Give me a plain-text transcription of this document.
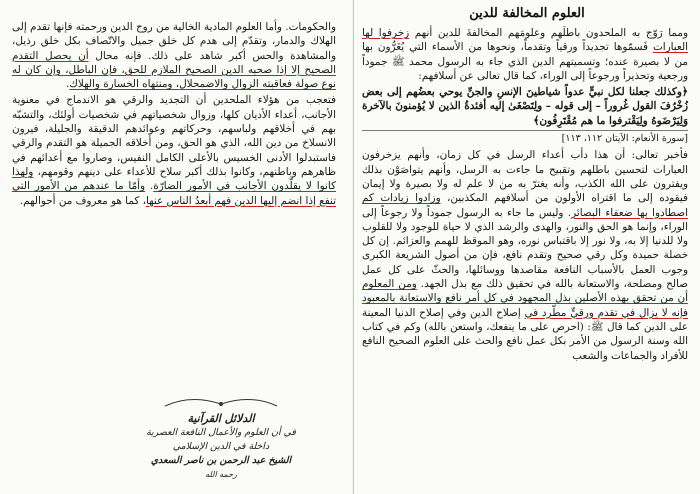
والحكومات. وأما العلوم المادية الخالية من روح الدين ورحمته فإنها تقدم إلى الهلاك والدمار، وتقدّم إلى هدم كل خلق جميل والاتّصاف بكل خلق رذيل، والمشاهدة والحس أكبر شاهد على ذلك. فإنه محال أن يحصل التقدم الصحيح إلا إذا صحبه الدين الصحيح الملازم للحق، فإن الباطل، وإن كان له نوع صولة فعاقبته الزوال والاضمحلال، ومنتهاه الخسارة والهلاك.

فتعجب من هؤلاء الملحدين أن التجديد والرقي هو الاندماج في معنوية الأجانب، أعداء الأديان كلها، وزوال شخصياتهم في شخصيات أولئك، والتشبّه بهم في أخلاقهم ولباسهم، وحركاتهم وعوائدهم الدقيقة والجليلة، فيرون الانسلاخ من دين الله، الذي هو الحق، ومن أخلاقه الجميلة هو التقدم والرقي فاستبدلوا الأدنى الخسيس بالأعلى الكامل النفيس، وصاروا مع أعدائهم في ظاهرهم وباطنهم، وكانوا بذلك أكبر سلاح للأعداء على دينهم وقومهم، ولهذا كانوا لا يقلّدون الأجانب في الأمور الضارّة. وأمّا ما عندهم من الأمور التي تنفع إذا انضم إليها الدين فهم أبعدُ الناس عنها، كما هو معروف من أحوالهم.

الدلائل القرآنية
في أن العلوم والأعمال النافعة العصرية
داخلة في الدين الإسلامي
الشيخ عبد الرحمن بن ناصر السعدي
رحمه الله
العلوم المخالفة للدين

ومما رَوّج به الملحدون باطلَهم وعلومَهم المخالفةَ للدين أنهم زخرفوا لها العبارات فَسمّوها تجديداً ورقياً وتقدماً، ونحوها من الأسماء التي يُغَرُّون بها من لا بصيرة عنده؛ وتسميتهم الدين الذي جاء به الرسول محمد ﷺ جموداً ورجعية وتحذيراً ورجوعاً إلى الوراء، كما قال تعالى عن أسلافهم:

﴿وكذلك جعلنا لكل نبيٍّ عدواً شياطينَ الإنسِ والجنِّ يوحي بعضُهم إلى بعض زُخْرُفَ القول غُروراً – إلى قوله – ولِتَصْغَىٰ إليه أفئدةُ الذين لا يُؤمنونَ بالآخرة وَلِيَرْضَوهُ ولِيَقْترفوا ما هم مُقْتَرِفُون﴾

[سورة الأنعام: الآيتان ١١٢، ١١٣]

فأخبر تعالى: أن هذا دأب أعداء الرسل في كل زمان، وأنهم يزخرفون العبارات لتحسين باطلهم وتقبيح ما جاءت به الرسل، وأنهم يتواصَوْن بذلك ويفترون على الله الكذب، وأنه يغترّ به من لا علم له ولا بصيرة ولا إيمان فيقوده إلى ما اقتراه الأولون من أسلافهم المكذبين، وزادوا زيادات كم اصطادوا بها ضعفاء البصائر. وليس ما جاء به الرسول جموداً ولا رجوعاً إلى الوراء، وإنما هو الحق والنور، والهدى والرشد الذي لا حياة للوجود ولا للقلوب ولا للدنيا إلا به، ولا نور إلا باقتباس نوره، وهو الموقظ للهمم والعزائم. إن كل خصلة حميدة وكل رقي صحيح وتقدم نافع، فإن من أصول الشريعة الكبرى وجوب العمل بالأسباب النافعة مقاصدها ووسائلها، والحثّ على كل عمل صالح ومصلحة، والاستعانة بالله في تحقيق ذلك مع بذل الجهد. ومن المعلوم أن من تحقق بهذه الأصلين بذل المجهود في كل أمر نافع والاستعانة بالمعبود فإنه لا يزال في تقدم ورقيٍّ مطّرد في إصلاح الدين وفي إصلاح الدنيا المعينة على الدين كما قال ﷺ: (احرص على ما ينفعك، واستعن بالله) وكم في كتاب الله وسنة الرسول من الأمر بكل عمل نافع والحث على العلوم الصحيح النافع للأفراد والجماعات والشعب
